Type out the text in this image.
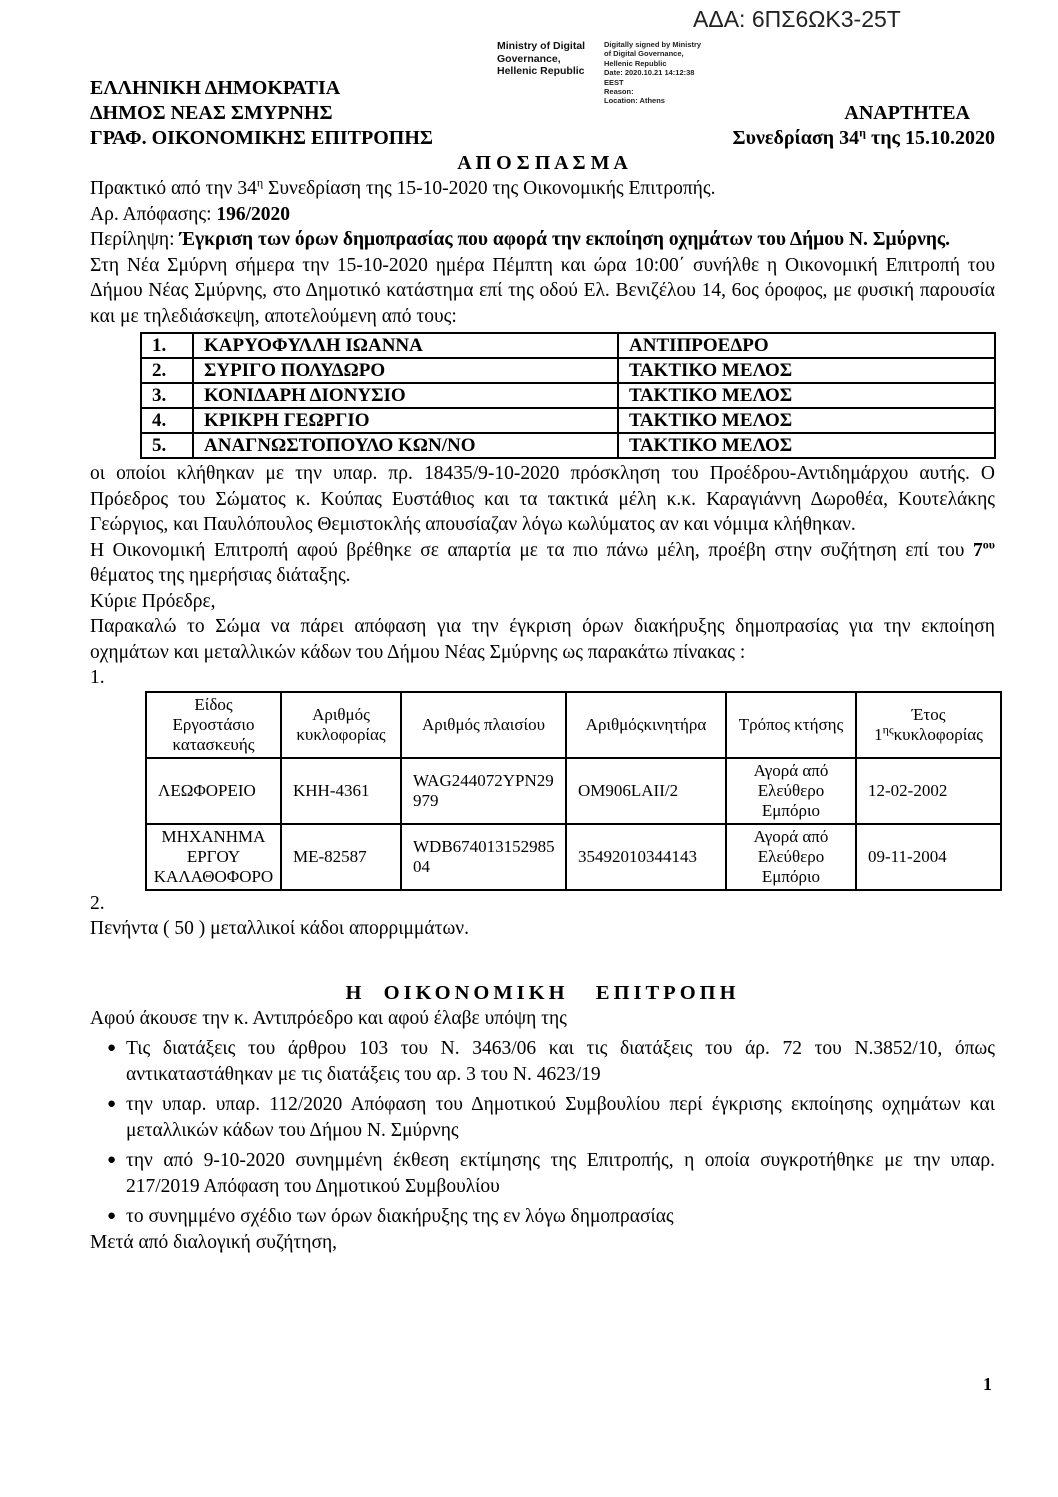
ΑΔΑ: 6ΠΣ6ΩΚ3-25Τ
Ministry of Digital
Governance,
Hellenic Republic
Digitally signed by Ministry
of Digital Governance,
Hellenic Republic
Date: 2020.10.21 14:12:38
EEST
Reason:
Location: Athens
ΕΛΛΗΝΙΚΗ ΔΗΜΟΚΡΑΤΙΑ
ΔΗΜΟΣ ΝΕΑΣ ΣΜΥΡΝΗΣ
ΓΡΑΦ. ΟΙΚΟΝΟΜΙΚΗΣ ΕΠΙΤΡΟΠΗΣ
ΑΝΑΡΤΗΤΕΑ
Συνεδρίαση $34^\eta$ της 15.10.2020
Α Π Ο Σ Π Α Σ Μ Α

Πρακτικό από την $34^\eta$ Συνεδρίαση της 15-10-2020 της Οικονομικής Επιτροπής.

Αρ. Απόφασης: 196/2020

Περίληψη: Έγκριση των όρων δημοπρασίας που αφορά την εκποίηση οχημάτων του Δήμου Ν. Σμύρνης.

Στη Νέα Σμύρνη σήμερα την 15-10-2020 ημέρα Πέμπτη και ώρα 10:00΄ συνήλθε η Οικονομική Επιτροπή του Δήμου Νέας Σμύρνης, στο Δημοτικό κατάστημα επί της οδού Ελ. Βενιζέλου 14, 6ος όροφος, με φυσική παρουσία και με τηλεδιάσκεψη, αποτελούμενη από τους:

1.	ΚΑΡΥΟΦΥΛΛΗ ΙΩΑΝΝΑ	ΑΝΤΙΠΡΟΕΔΡΟ
2.	ΣΥΡΙΓΟ ΠΟΛΥΔΩΡΟ	ΤΑΚΤΙΚΟ ΜΕΛΟΣ
3.	ΚΟΝΙΔΑΡΗ ΔΙΟΝΥΣΙΟ	ΤΑΚΤΙΚΟ ΜΕΛΟΣ
4.	ΚΡΙΚΡΗ ΓΕΩΡΓΙΟ	ΤΑΚΤΙΚΟ ΜΕΛΟΣ
5.	ΑΝΑΓΝΩΣΤΟΠΟΥΛΟ ΚΩΝ/ΝΟ	ΤΑΚΤΙΚΟ ΜΕΛΟΣ

οι οποίοι κλήθηκαν με την υπαρ. πρ. 18435/9-10-2020 πρόσκληση του Προέδρου-Αντιδημάρχου αυτής. Ο Πρόεδρος του Σώματος κ. Κούπας Ευστάθιος και τα τακτικά μέλη κ.κ. Καραγιάννη Δωροθέα, Κουτελάκης Γεώργιος, και Παυλόπουλος Θεμιστοκλής απουσίαζαν λόγω κωλύματος αν και νόμιμα κλήθηκαν.

Η Οικονομική Επιτροπή αφού βρέθηκε σε απαρτία με τα πιο πάνω μέλη, προέβη στην συζήτηση επί του $7^{o\upsilon}$ θέματος της ημερήσιας διάταξης.

Κύριε Πρόεδρε,

Παρακαλώ το Σώμα να πάρει απόφαση για την έγκριση όρων διακήρυξης δημοπρασίας για την εκποίηση οχημάτων και μεταλλικών κάδων του Δήμου Νέας Σμύρνης ως παρακάτω πίνακας :

1.

Είδος Εργοστάσιο κατασκευής	Αριθμός κυκλοφορίας	Αριθμός πλαισίου	Αριθμόςκινητήρα	Τρόπος κτήσης	Έτος
$1^{\eta\varsigma}\kappa\upsilon\kappa\lambda o\varphi o\rho ί\alpha\varsigma$
ΛΕΩΦΟΡΕΙΟ	ΚΗΗ-4361	WAG244072YPN29979	OM906LAII/2	Αγορά από Ελεύθερο Εμπόριο	12-02-2002
ΜΗΧΑΝΗΜΑ ΕΡΓΟΥ ΚΑΛΑΘΟΦΟΡΟ	ΜΕ-82587	WDB67401315298504	35492010344143	Αγορά από Ελεύθερο Εμπόριο	09-11-2004

2.

Πενήντα ( 50 ) μεταλλικοί κάδοι απορριμμάτων.

Η  ΟΙΚΟΝΟΜΙΚΗ   ΕΠΙΤΡΟΠΗ

Αφού άκουσε την κ. Αντιπρόεδρο και αφού έλαβε υπόψη της

● Τις διατάξεις του άρθρου 103 του Ν. 3463/06 και τις διατάξεις του άρ. 72 του Ν.3852/10, όπως αντικαταστάθηκαν με τις διατάξεις του αρ. 3 του Ν. 4623/19
● την υπαρ. υπαρ. 112/2020 Απόφαση του Δημοτικού Συμβουλίου περί έγκρισης εκποίησης οχημάτων και μεταλλικών κάδων του Δήμου Ν. Σμύρνης
● την από 9-10-2020 συνημμένη έκθεση εκτίμησης της Επιτροπής, η οποία συγκροτήθηκε με την υπαρ. 217/2019 Απόφαση του Δημοτικού Συμβουλίου
● το συνημμένο σχέδιο των όρων διακήρυξης της εν λόγω δημοπρασίας

Μετά από διαλογική συζήτηση,

1
